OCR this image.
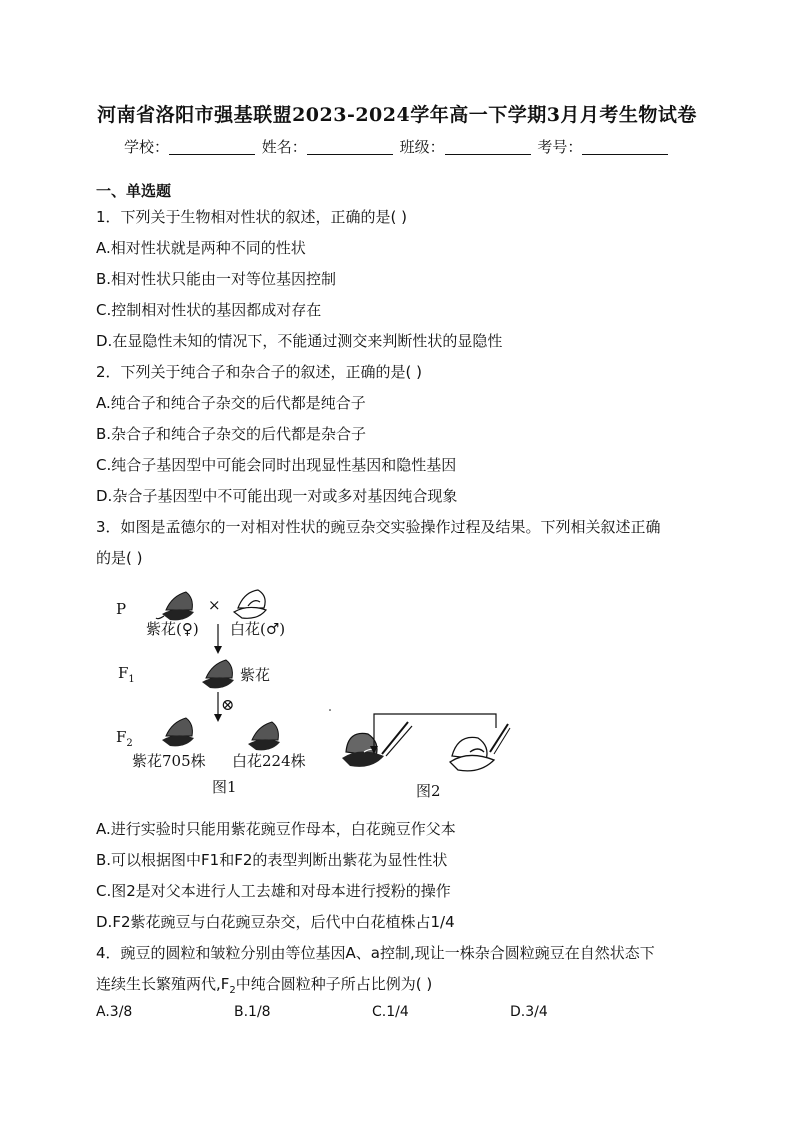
河南省洛阳市强基联盟2023-2024学年高一下学期3月月考生物试卷
学校：	姓名：	班级：	考号：
一、单选题
1．下列关于生物相对性状的叙述，正确的是( )
A.相对性状就是两种不同的性状
B.相对性状只能由一对等位基因控制
C.控制相对性状的基因都成对存在
D.在显隐性未知的情况下，不能通过测交来判断性状的显隐性
2．下列关于纯合子和杂合子的叙述，正确的是( )
A.纯合子和纯合子杂交的后代都是纯合子
B.杂合子和纯合子杂交的后代都是杂合子
C.纯合子基因型中可能会同时出现显性基因和隐性基因
D.杂合子基因型中不可能出现一对或多对基因纯合现象
3．如图是孟德尔的一对相对性状的豌豆杂交实验操作过程及结果。下列相关叙述正确
的是( )
P	×
紫花(♀) 白花(♂)
$F_1$	紫花
⊗
$F_2$
紫花705株 白花224株
图1	图2
A.进行实验时只能用紫花豌豆作母本，白花豌豆作父本
B.可以根据图中F1和F2的表型判断出紫花为显性性状
C.图2是对父本进行人工去雄和对母本进行授粉的操作
D.F2紫花豌豆与白花豌豆杂交，后代中白花植株占1/4
4．豌豆的圆粒和皱粒分别由等位基因A、a控制,现让一株杂合圆粒豌豆在自然状态下
连续生长繁殖两代$,F_2$中纯合圆粒种子所占比例为( )
A.3/8	B.1/8	C.1/4	D.3/4
